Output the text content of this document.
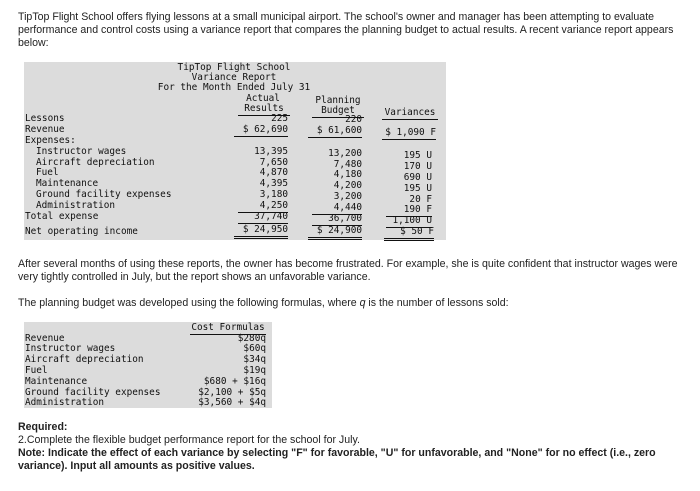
TipTop Flight School offers flying lessons at a small municipal airport. The school's owner and manager has been attempting to evaluate performance and control costs using a variance report that compares the planning budget to actual results. A recent variance report appears below:
TipTop Flight School
Variance Report
For the Month Ended July 31
Actual
Results
Planning
Budget	Variances
Lessons
Revenue
Expenses:
Instructor wages
Aircraft depreciation
Fuel
Maintenance
Ground facility expenses
Administration
Total expense
Net operating income
225
$ 62,690
13,395
7,650
4,870
4,395
3,180
4,250
37,740
$ 24,950
220
$ 61,600
13,200
7,480
4,180
4,200
3,200
4,440
36,700
$ 24,900
$ 1,090 F
195 U
170 U
690 U
195 U
20 F
190 F
1,100 U
$ 50 F
After several months of using these reports, the owner has become frustrated. For example, she is quite confident that instructor wages were very tightly controlled in July, but the report shows an unfavorable variance.
The planning budget was developed using the following formulas, where q is the number of lessons sold:
Cost Formulas
Revenue
Instructor wages
Aircraft depreciation
Fuel
Maintenance
Ground facility expenses
Administration
$280q
$60q
$34q
$19q
$680 + $16q
$2,100 + $5q
$3,560 + $4q
Required:
2.Complete the flexible budget performance report for the school for July.
Note: Indicate the effect of each variance by selecting "F" for favorable, "U" for unfavorable, and "None" for no effect (i.e., zero variance). Input all amounts as positive values.
